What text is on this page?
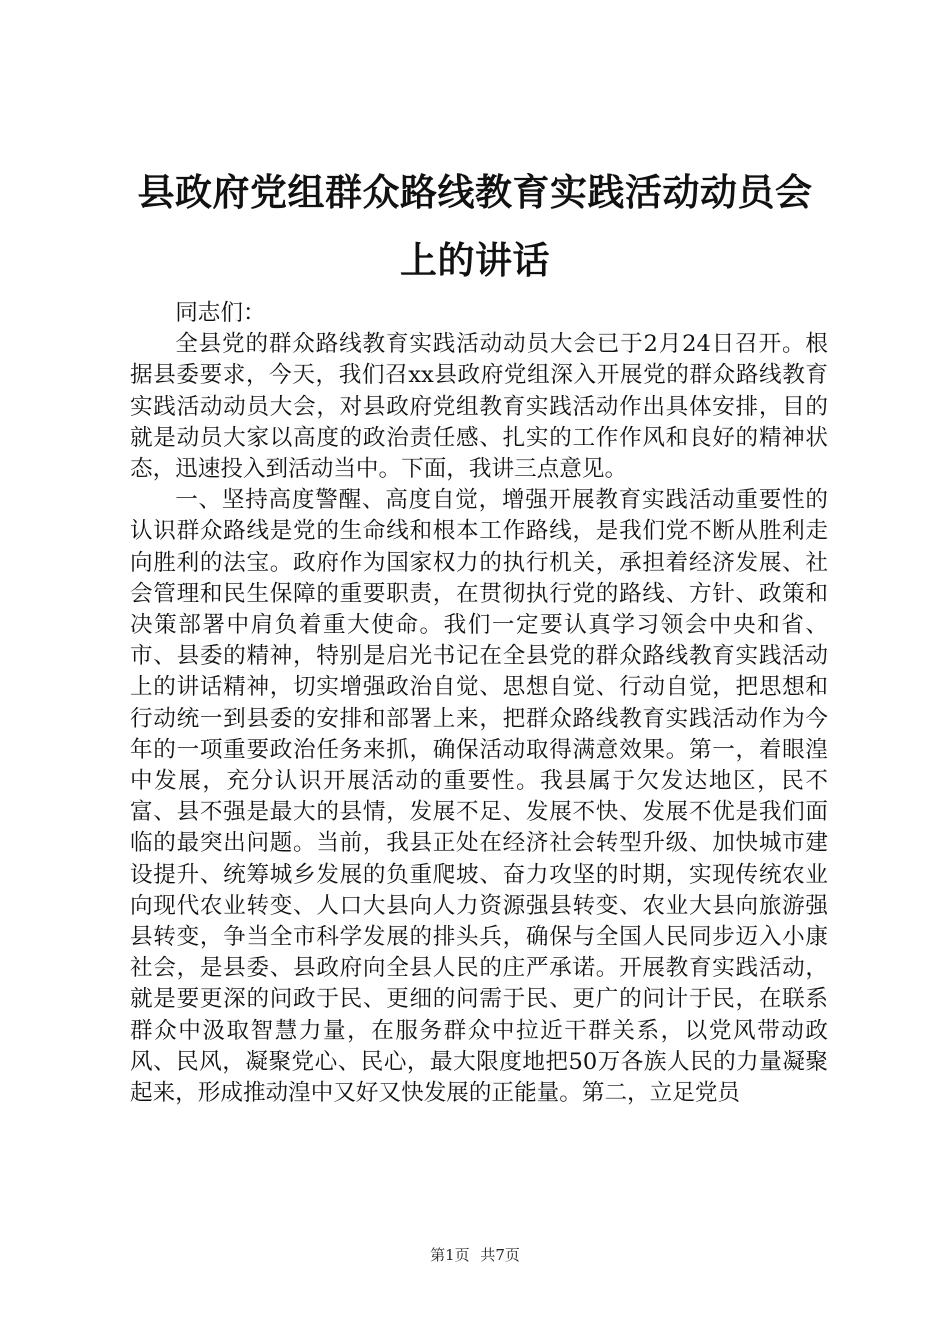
县政府党组群众路线教育实践活动动员会上的讲话

同志们：

全县党的群众路线教育实践活动动员大会已于2月24日召开。根据县委要求，今天，我们召xx县政府党组深入开展党的群众路线教育实践活动动员大会，对县政府党组教育实践活动作出具体安排，目的就是动员大家以高度的政治责任感、扎实的工作作风和良好的精神状态，迅速投入到活动当中。下面，我讲三点意见。

一、坚持高度警醒、高度自觉，增强开展教育实践活动重要性的认识群众路线是党的生命线和根本工作路线，是我们党不断从胜利走向胜利的法宝。政府作为国家权力的执行机关，承担着经济发展、社会管理和民生保障的重要职责，在贯彻执行党的路线、方针、政策和决策部署中肩负着重大使命。我们一定要认真学习领会中央和省、市、县委的精神，特别是启光书记在全县党的群众路线教育实践活动上的讲话精神，切实增强政治自觉、思想自觉、行动自觉，把思想和行动统一到县委的安排和部署上来，把群众路线教育实践活动作为今年的一项重要政治任务来抓，确保活动取得满意效果。第一，着眼湟中发展，充分认识开展活动的重要性。我县属于欠发达地区，民不富、县不强是最大的县情，发展不足、发展不快、发展不优是我们面临的最突出问题。当前，我县正处在经济社会转型升级、加快城市建设提升、统筹城乡发展的负重爬坡、奋力攻坚的时期，实现传统农业向现代农业转变、人口大县向人力资源强县转变、农业大县向旅游强县转变，争当全市科学发展的排头兵，确保与全国人民同步迈入小康社会，是县委、县政府向全县人民的庄严承诺。开展教育实践活动，就是要更深的问政于民、更细的问需于民、更广的问计于民，在联系群众中汲取智慧力量，在服务群众中拉近干群关系，以党风带动政风、民风，凝聚党心、民心，最大限度地把50万各族人民的力量凝聚起来，形成推动湟中又好又快发展的正能量。第二，立足党员

第1页 共7页
